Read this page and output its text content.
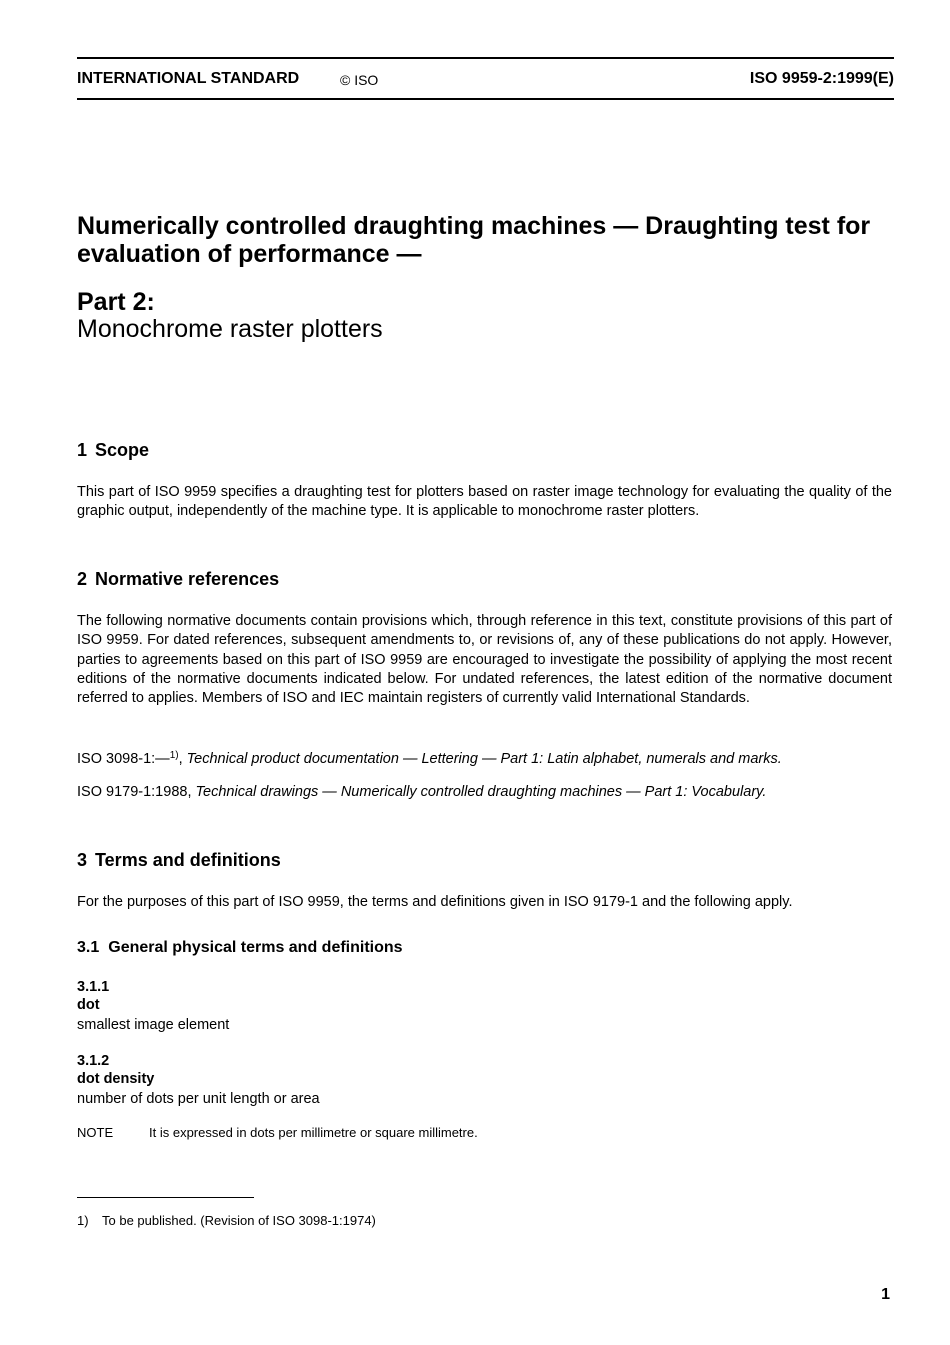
INTERNATIONAL STANDARD	© ISO	ISO 9959-2:1999(E)
Numerically controlled draughting machines — Draughting test for
evaluation of performance —
Part 2:
Monochrome raster plotters
1 Scope

This part of ISO 9959 specifies a draughting test for plotters based on raster image technology for evaluating the quality of the graphic output, independently of the machine type. It is applicable to monochrome raster plotters.

2 Normative references

The following normative documents contain provisions which, through reference in this text, constitute provisions of this part of ISO 9959. For dated references, subsequent amendments to, or revisions of, any of these publications do not apply. However, parties to agreements based on this part of ISO 9959 are encouraged to investigate the possibility of applying the most recent editions of the normative documents indicated below. For undated references, the latest edition of the normative document referred to applies. Members of ISO and IEC maintain registers of currently valid International Standards.

ISO 3098-1:—$^{1)}$, Technical product documentation — Lettering — Part 1: Latin alphabet, numerals and marks.
ISO 9179-1:1988, Technical drawings — Numerically controlled draughting machines — Part 1: Vocabulary.
3 Terms and definitions
For the purposes of this part of ISO 9959, the terms and definitions given in ISO 9179-1 and the following apply.
3.1 General physical terms and definitions
3.1.1
dot
smallest image element
3.1.2
dot density
number of dots per unit length or area
NOTE	It is expressed in dots per millimetre or square millimetre.
1) To be published. (Revision of ISO 3098-1:1974)
1
